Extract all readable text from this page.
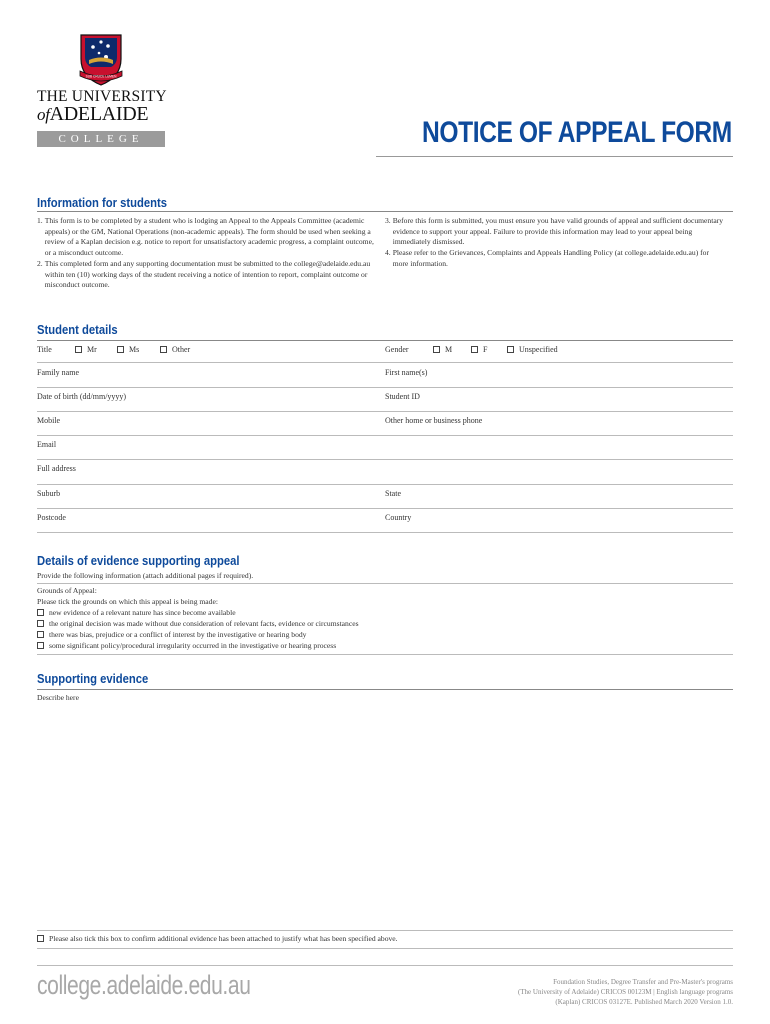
SUB CRUCE LUMEN
THE UNIVERSITY
ofADELAIDE
COLLEGE	NOTICE OF APPEAL FORM
Information for students
1. This form is to be completed by a student who is lodging an Appeal to the Appeals Committee (academic appeals) or the GM, National Operations (non-academic appeals). The form should be used when seeking a review of a Kaplan decision e.g. notice to report for unsatisfactory academic progress, a complaint outcome, or a misconduct outcome.
2. This completed form and any supporting documentation must be submitted to the college@adelaide.edu.au within ten (10) working days of the student receiving a notice of intention to report, complaint outcome or misconduct outcome.
3. Before this form is submitted, you must ensure you have valid grounds of appeal and sufficient documentary evidence to support your appeal. Failure to provide this information may lead to your appeal being immediately dismissed.
4. Please refer to the Grievances, Complaints and Appeals Handling Policy (at college.adelaide.edu.au) for more information.
Student details
Title	Mr	Ms	Other	Gender	M	F	Unspecified
Family name	First name(s)
Date of birth (dd/mm/yyyy)	Student ID
Mobile	Other home or business phone
Email
Full address
Suburb	State
Postcode	Country
Details of evidence supporting appeal
Provide the following information (attach additional pages if required).
Grounds of Appeal:
Please tick the grounds on which this appeal is being made:
new evidence of a relevant nature has since become available
the original decision was made without due consideration of relevant facts, evidence or circumstances
there was bias, prejudice or a conflict of interest by the investigative or hearing body
some significant policy/procedural irregularity occurred in the investigative or hearing process
Supporting evidence
Describe here
Please also tick this box to confirm additional evidence has been attached to justify what has been specified above.
college.adelaide.edu.au	Foundation Studies, Degree Transfer and Pre-Master's programs
(The University of Adelaide) CRICOS 00123M | English language programs
(Kaplan) CRICOS 03127E. Published March 2020 Version 1.0.
